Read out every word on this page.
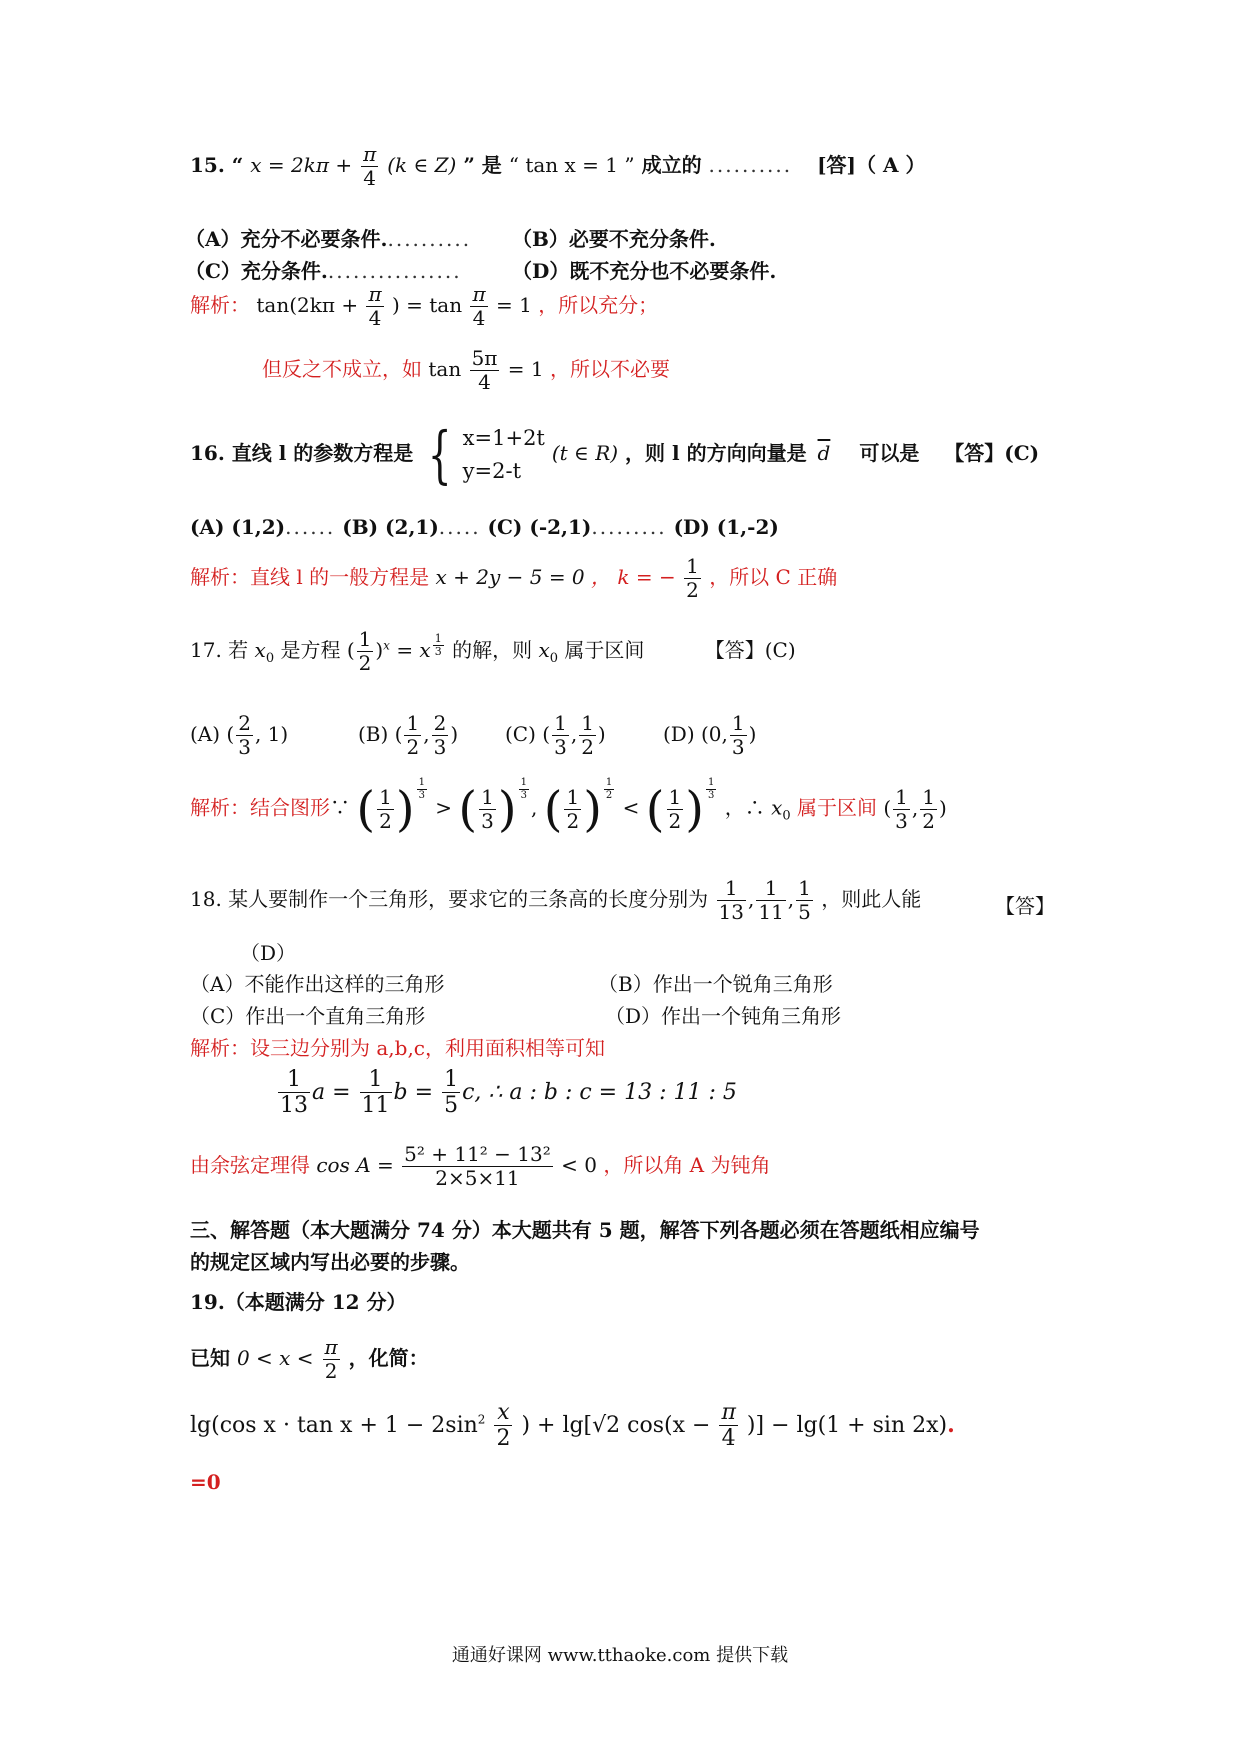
15. “ $x = 2k\pi + \frac{\pi}{4} (k$ ∈ Z) ” 是 “ tan x = 1 ” 成立的 .......... [答]（ A ）
（A）充分不必要条件........... （B）必要不充分条件.
（C）充分条件.................	（D）既不充分也不必要条件.
解析： $\tan(2k\pi + \frac{\pi}{4}$ ) = $\tan \frac{\pi}{4} = 1$ ，所以充分；
但反之不成立，如 $\tan \frac{5\pi}{4} = 1$ ，所以不必要
16. 直线 l 的参数方程是 { x=1+2t
y=2-t
(t ∈ R) ，则 l 的方向向量是 $\overline{d}$ 可以是 【答】(C)
(A) (1,2)...... (B) (2,1)..... (C) (-2,1)......... (D) (1,-2)
解析：直线 l 的一般方程是 x + 2y − 5 = 0 ， k = − $\frac{1}{2}$ ，所以 C 正确
17. 若 $x_0$ 是方程 ( $\frac{1}{2} )^x = x$ $^{\frac{1}{3}}$ 的解，则 $x_0$ 属于区间	【答】(C)
(A) ( $\frac{2}{3}$ , 1)	(B) ( $\frac{1}{2}$ , $\frac{2}{3}$ ) (C) ( $\frac{1}{3}$ , $\frac{1}{2}$ )	(D) (0, $\frac{1}{3}$ )
解析：结合图形∵ ( $\frac{1}{2}$ ) $^{\frac{1}{3}}$
> ( $\frac{1}{3}$ ) $^{\frac{1}{3}}$
, ( $\frac{1}{2}$ ) $^{\frac{1}{2}}$
< ( $\frac{1}{2}$ ) $^{\frac{1}{3}}$
，∴ $x_0$ 属于区间 ( $\frac{1}{3}$ , $\frac{1}{2}$ )
18. 某人要制作一个三角形，要求它的三条高的长度分别为 $\frac{1}{13}$ , $\frac{1}{11}$ , $\frac{1}{5}$ ，则此人能	【答】
（D）
（A）不能作出这样的三角形	（B）作出一个锐角三角形
（C）作出一个直角三角形	（D）作出一个钝角三角形
解析：设三边分别为 a,b,c，利用面积相等可知
$\frac{1}{13}$ $a = \frac{1}{11}$ $b = \frac{1}{5} c$, ∴ a : b : c = 13 : 11 : 5
由余弦定理得 $\cos A = \frac{\text{5² + 11² − 13²}}{2\times 5\times 11} < 0$ ，所以角 A 为钝角
三、解答题（本大题满分 74 分）本大题共有 5 题，解答下列各题必须在答题纸相应编号
的规定区域内写出必要的步骤。
19.（本题满分 12 分）
已知 $0 < x < \frac{\pi}{2}$ ，化简：
lg(cos $x \cdot \tan x + 1 - 2\sin^2 \frac{x}{2}$ ) + lg[√2 $\cos(x - \frac{\pi}{4}$ )] − lg(1 + sin 2x).
=0
通通好课网 www.tthaoke.com 提供下载
